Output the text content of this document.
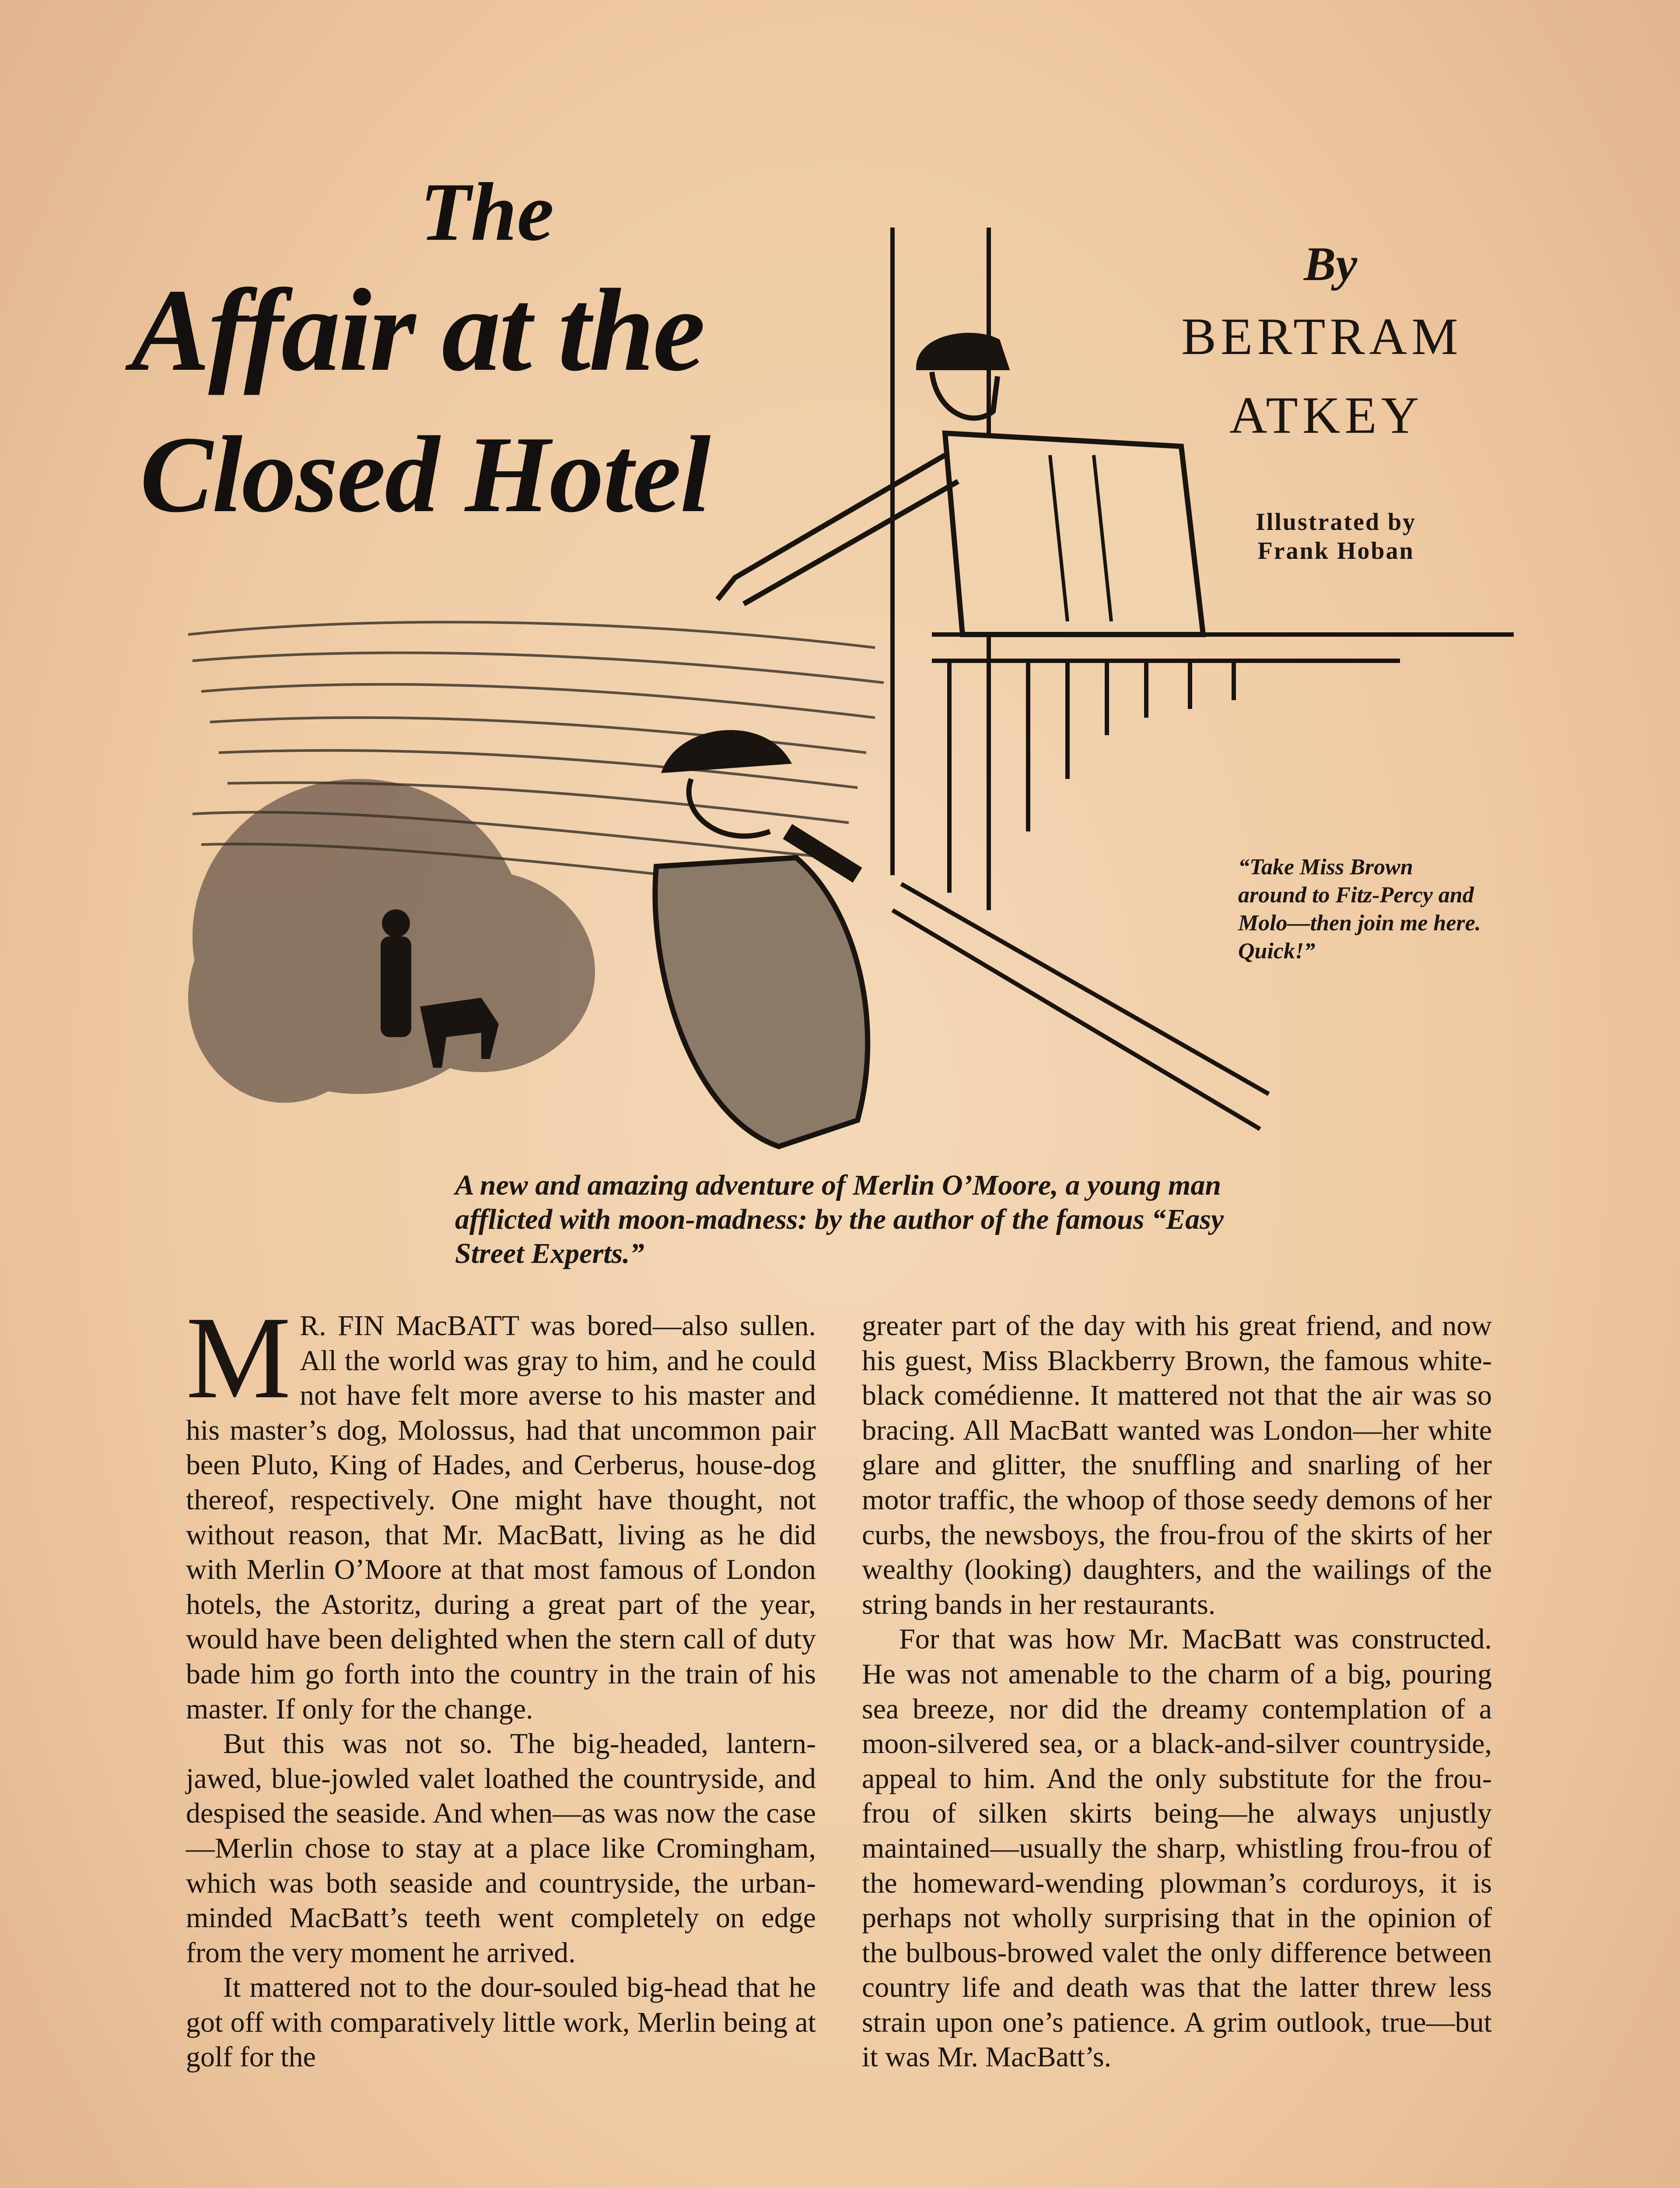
The
Affair at the
Closed Hotel
By
BERTRAM
ATKEY
Illustrated by
Frank Hoban
“Take Miss Brown around to Fitz-Percy and Molo—then join me here. Quick!”
A new and amazing adventure of Merlin O’Moore, a young man afflicted with moon-madness: by the author of the famous “Easy Street Experts.”

M R. FIN MacBATT was bored—also sullen. All the world was gray to him, and he could not have felt more averse to his master and his master’s dog, Molossus, had that uncommon pair been Pluto, King of Hades, and Cerberus, house-dog thereof, respectively. One might have thought, not without reason, that Mr. MacBatt, living as he did with Merlin O’Moore at that most famous of London hotels, the Astoritz, during a great part of the year, would have been delighted when the stern call of duty bade him go forth into the country in the train of his master. If only for the change.

But this was not so. The big-headed, lantern-jawed, blue-jowled valet loathed the countryside, and despised the seaside. And when—as was now the case—Merlin chose to stay at a place like Cromingham, which was both seaside and countryside, the urban-minded MacBatt’s teeth went completely on edge from the very moment he arrived.

It mattered not to the dour-souled big-head that he got off with comparatively little work, Merlin being at golf for the

greater part of the day with his great friend, and now his guest, Miss Blackberry Brown, the famous white-black comédienne. It mattered not that the air was so bracing. All MacBatt wanted was London—her white glare and glitter, the snuffling and snarling of her motor traffic, the whoop of those seedy demons of her curbs, the newsboys, the frou-frou of the skirts of her wealthy (looking) daughters, and the wailings of the string bands in her restaurants.

For that was how Mr. MacBatt was constructed. He was not amenable to the charm of a big, pouring sea breeze, nor did the dreamy contemplation of a moon-silvered sea, or a black-and-silver countryside, appeal to him. And the only substitute for the frou-frou of silken skirts being—he always unjustly maintained—usually the sharp, whistling frou-frou of the homeward-wending plowman’s corduroys, it is perhaps not wholly surprising that in the opinion of the bulbous-browed valet the only difference between country life and death was that the latter threw less strain upon one’s patience. A grim outlook, true—but it was Mr. MacBatt’s.
